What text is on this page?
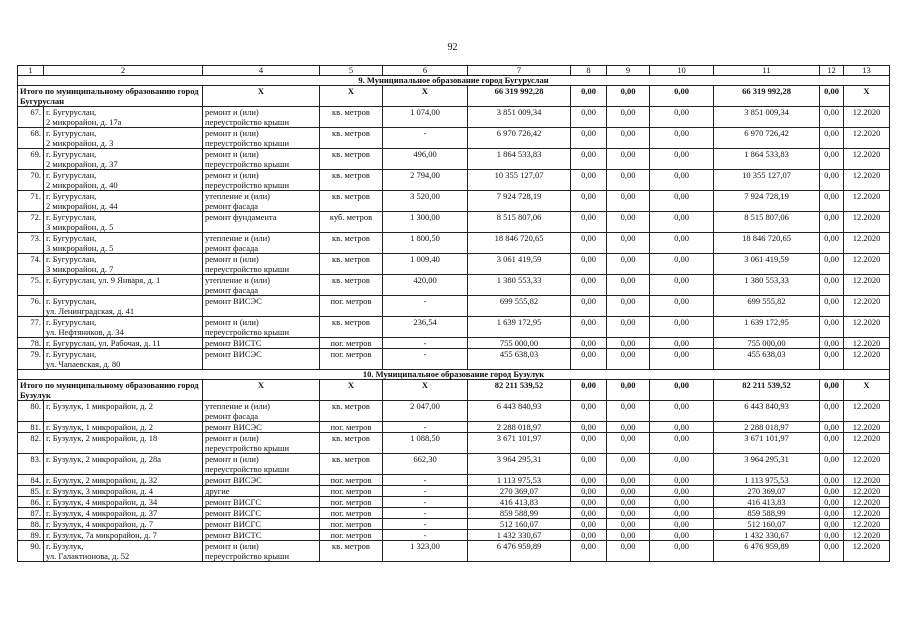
92
1	2	4	5	6	7	8	9	10	11	12	13	
9. Муниципальное образование город Бугуруслан												
Итого по муниципальному образованию город Бугуруслан		Х	Х	Х	66 319 992,28	0,00	0,00	0,00	66 319 992,28	0,00	Х	
67.	г. Бугуруслан,
2 микрорайон, д. 17а	ремонт и (или)
переустройство крыши	кв. метров	1 074,00	3 851 009,34	0,00	0,00	0,00	3 851 009,34	0,00	12.2020	
68.	г. Бугуруслан,
2 микрорайон, д. 3	ремонт и (или)
переустройство крыши	кв. метров	-	6 970 726,42	0,00	0,00	0,00	6 970 726,42	0,00	12.2020	
69.	г. Бугуруслан,
2 микрорайон, д. 37	ремонт и (или)
переустройство крыши	кв. метров	496,00	1 864 533,83	0,00	0,00	0,00	1 864 533,83	0,00	12.2020	
70.	г. Бугуруслан,
2 микрорайон, д. 40	ремонт и (или)
переустройство крыши	кв. метров	2 794,00	10 355 127,07	0,00	0,00	0,00	10 355 127,07	0,00	12.2020	
71.	г. Бугуруслан,
2 микрорайон, д. 44	утепление и (или)
ремонт фасада	кв. метров	3 520,00	7 924 728,19	0,00	0,00	0,00	7 924 728,19	0,00	12.2020	
72.	г. Бугуруслан,
3 микрорайон, д. 5	ремонт фундамента	куб. метров	1 300,00	8 515 807,06	0,00	0,00	0,00	8 515 807,06	0,00	12.2020	
73.	г. Бугуруслан,
3 микрорайон, д. 5	утепление и (или)
ремонт фасада	кв. метров	1 800,50	18 846 720,65	0,00	0,00	0,00	18 846 720,65	0,00	12.2020	
74.	г. Бугуруслан,
3 микрорайон, д. 7	ремонт и (или)
переустройство крыши	кв. метров	1 009,40	3 061 419,59	0,00	0,00	0,00	3 061 419,59	0,00	12.2020	
75.	г. Бугуруслан, ул. 9 Января, д. 1	утепление и (или)
ремонт фасада	кв. метров	420,00	1 380 553,33	0,00	0,00	0,00	1 380 553,33	0,00	12.2020	
76.	г. Бугуруслан,
ул. Ленинградская, д. 41	ремонт ВИСЭС	пог. метров	-	699 555,82	0,00	0,00	0,00	699 555,82	0,00	12.2020	
77.	г. Бугуруслан,
ул. Нефтяников, д. 34	ремонт и (или)
переустройство крыши	кв. метров	236,54	1 639 172,95	0,00	0,00	0,00	1 639 172,95	0,00	12.2020	
78.	г. Бугуруслан, ул. Рабочая, д. 11	ремонт ВИСТС	пог. метров	-	755 000,00	0,00	0,00	0,00	755 000,00	0,00	12.2020	
79.	г. Бугуруслан,
ул. Чапаевская, д. 80	ремонт ВИСЭС	пог. метров	-	455 638,03	0,00	0,00	0,00	455 638,03	0,00	12.2020	
10. Муниципальное образование город Бузулук												
Итого по муниципальному образованию город Бузулук		Х	Х	Х	82 211 539,52	0,00	0,00	0,00	82 211 539,52	0,00	Х	
80.	г. Бузулук, 1 микрорайон, д. 2	утепление и (или)
ремонт фасада	кв. метров	2 047,00	6 443 840,93	0,00	0,00	0,00	6 443 840,93	0,00	12.2020	
81.	г. Бузулук, 1 микрорайон, д. 2	ремонт ВИСЭС	пог. метров	-	2 288 018,97	0,00	0,00	0,00	2 288 018,97	0,00	12.2020	
82.	г. Бузулук, 2 микрорайон, д. 18	ремонт и (или)
переустройство крыши	кв. метров	1 088,50	3 671 101,97	0,00	0,00	0,00	3 671 101,97	0,00	12.2020	
83.	г. Бузулук, 2 микрорайон, д. 28а	ремонт и (или)
переустройство крыши	кв. метров	662,30	3 964 295,31	0,00	0,00	0,00	3 964 295,31	0,00	12.2020	
84.	г. Бузулук, 2 микрорайон, д. 32	ремонт ВИСЭС	пог. метров	-	1 113 975,53	0,00	0,00	0,00	1 113 975,53	0,00	12.2020	
85.	г. Бузулук, 3 микрорайон, д. 4	другие	пог. метров	-	270 369,07	0,00	0,00	0,00	270 369,07	0,00	12.2020	
86.	г. Бузулук, 4 микрорайон, д. 34	ремонт ВИСГС	пог. метров	-	416 413,83	0,00	0,00	0,00	416 413,83	0,00	12.2020	
87.	г. Бузулук, 4 микрорайон, д. 37	ремонт ВИСГС	пог. метров	-	859 588,99	0,00	0,00	0,00	859 588,99	0,00	12.2020	
88.	г. Бузулук, 4 микрорайон, д. 7	ремонт ВИСГС	пог. метров	-	512 160,07	0,00	0,00	0,00	512 160,07	0,00	12.2020	
89.	г. Бузулук, 7а микрорайон, д. 7	ремонт ВИСТС	пог. метров	-	1 432 330,67	0,00	0,00	0,00	1 432 330,67	0,00	12.2020	
90.	г. Бузулук,
ул. Галактионова, д. 52	ремонт и (или)
переустройство крыши	кв. метров	1 323,00	6 476 959,89	0,00	0,00	0,00	6 476 959,89	0,00	12.2020	
